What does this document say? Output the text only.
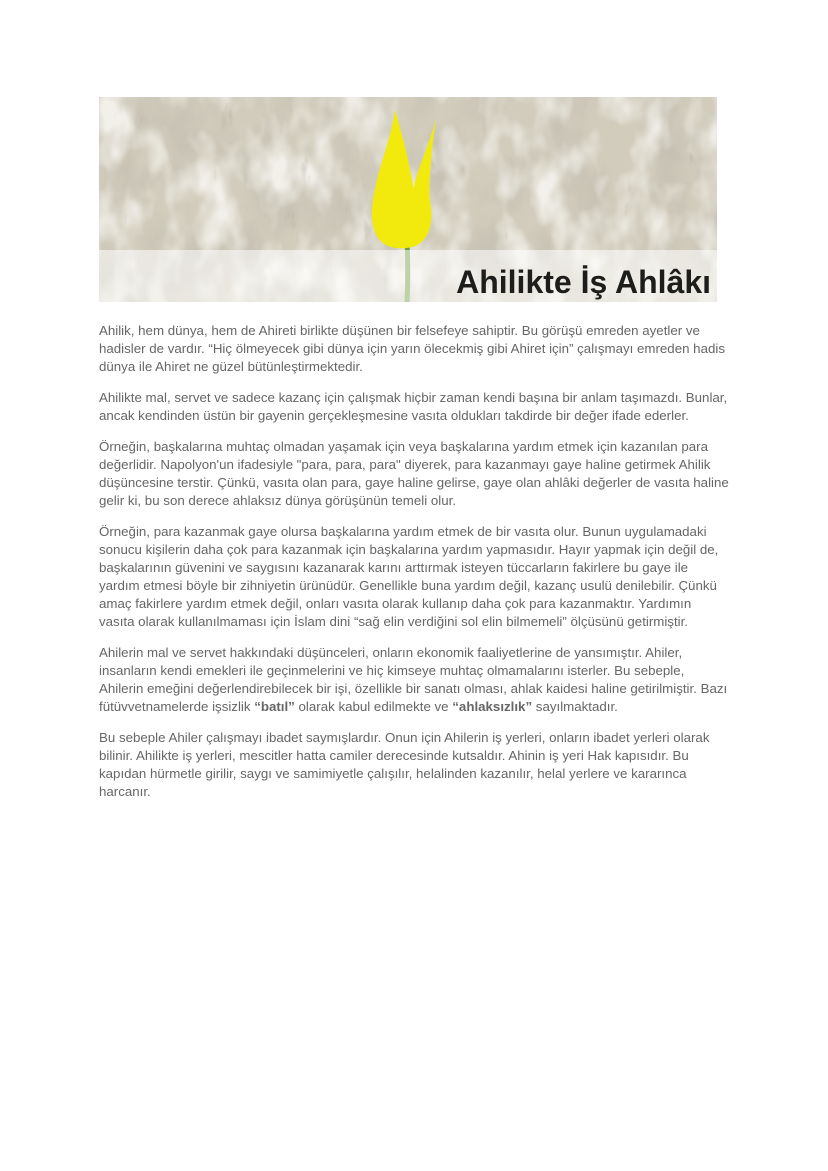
Ahilikte İş Ahlâkı

Ahilik, hem dünya, hem de Ahireti birlikte düşünen bir felsefeye sahiptir. Bu görüşü emreden ayetler ve hadisler de vardır. “Hiç ölmeyecek gibi dünya için yarın ölecekmiş gibi Ahiret için” çalışmayı emreden hadis dünya ile Ahiret ne güzel bütünleştirmektedir.

Ahilikte mal, servet ve sadece kazanç için çalışmak hiçbir zaman kendi başına bir anlam taşımazdı. Bunlar, ancak kendinden üstün bir gayenin gerçekleşmesine vasıta oldukları takdirde bir değer ifade ederler.

Örneğin, başkalarına muhtaç olmadan yaşamak için veya başkalarına yardım etmek için kazanılan para değerlidir. Napolyon'un ifadesiyle "para, para, para" diyerek, para kazanmayı gaye haline getirmek Ahilik düşüncesine terstir. Çünkü, vasıta olan para, gaye haline gelirse, gaye olan ahlâki değerler de vasıta haline gelir ki, bu son derece ahlaksız dünya görüşünün temeli olur.

Örneğin, para kazanmak gaye olursa başkalarına yardım etmek de bir vasıta olur. Bunun uygulamadaki sonucu kişilerin daha çok para kazanmak için başkalarına yardım yapmasıdır. Hayır yapmak için değil de, başkalarının güvenini ve saygısını kazanarak karını arttırmak isteyen tüccarların fakirlere bu gaye ile yardım etmesi böyle bir zihniyetin ürünüdür. Genellikle buna yardım değil, kazanç usulü denilebilir. Çünkü amaç fakirlere yardım etmek değil, onları vasıta olarak kullanıp daha çok para kazanmaktır. Yardımın vasıta olarak kullanılmaması için İslam dini “sağ elin verdiğini sol elin bilmemeli” ölçüsünü getirmiştir.

Ahilerin mal ve servet hakkındaki düşünceleri, onların ekonomik faaliyetlerine de yansımıştır. Ahiler, insanların kendi emekleri ile geçinmelerini ve hiç kimseye muhtaç olmamalarını isterler. Bu sebeple, Ahilerin emeğini değerlendirebilecek bir işi, özellikle bir sanatı olması, ahlak kaidesi haline getirilmiştir. Bazı fütüvvetnamelerde işsizlik “batıl” olarak kabul edilmekte ve “ahlaksızlık” sayılmaktadır.

Bu sebeple Ahiler çalışmayı ibadet saymışlardır. Onun için Ahilerin iş yerleri, onların ibadet yerleri olarak bilinir. Ahilikte iş yerleri, mescitler hatta camiler derecesinde kutsaldır. Ahinin iş yeri Hak kapısıdır. Bu kapıdan hürmetle girilir, saygı ve samimiyetle çalışılır, helalinden kazanılır, helal yerlere ve kararınca harcanır.
